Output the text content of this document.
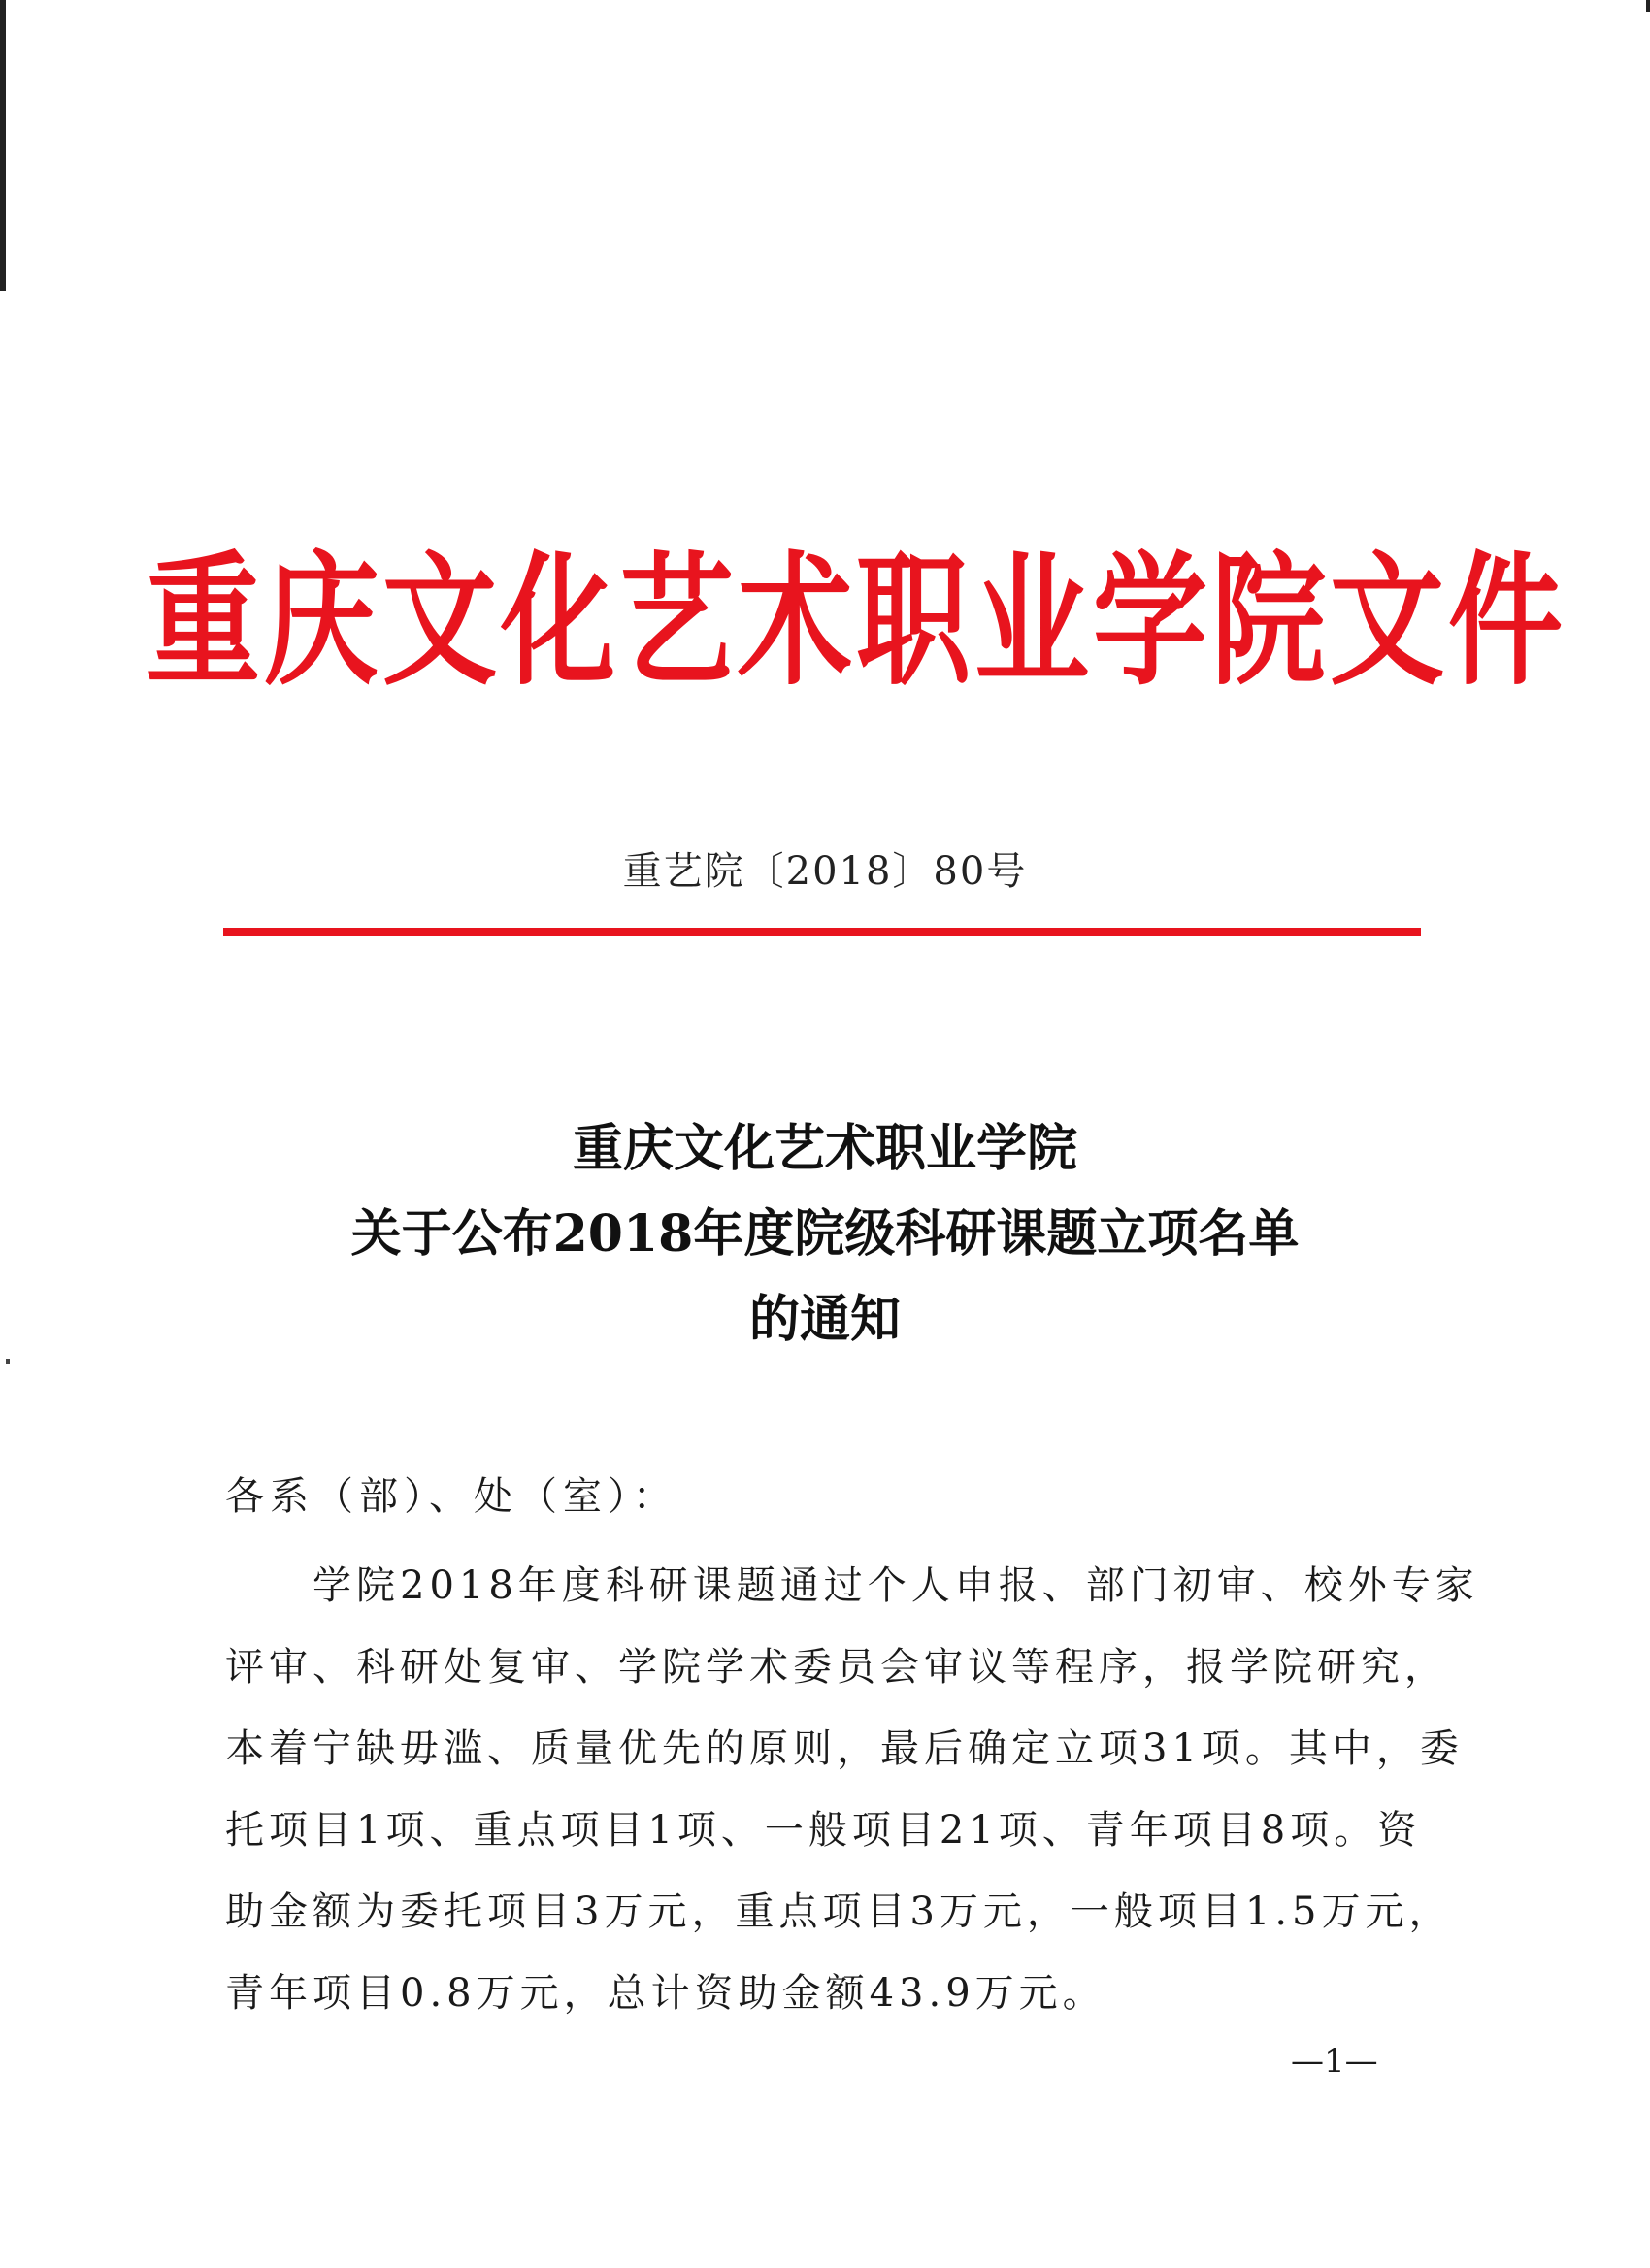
重庆文化艺术职业学院文件
重艺院〔2018〕80号
重庆文化艺术职业学院
关于公布2018年度院级科研课题立项名单
的通知
各系（部）、处（室）：
　　学院2018年度科研课题通过个人申报、部门初审、校外专家
评审、科研处复审、学院学术委员会审议等程序，报学院研究，
本着宁缺毋滥、质量优先的原则，最后确定立项31项。其中，委
托项目1项、重点项目1项、一般项目21项、青年项目8项。资
助金额为委托项目3万元，重点项目3万元，一般项目1.5万元，
青年项目0.8万元，总计资助金额43.9万元。
—1—
